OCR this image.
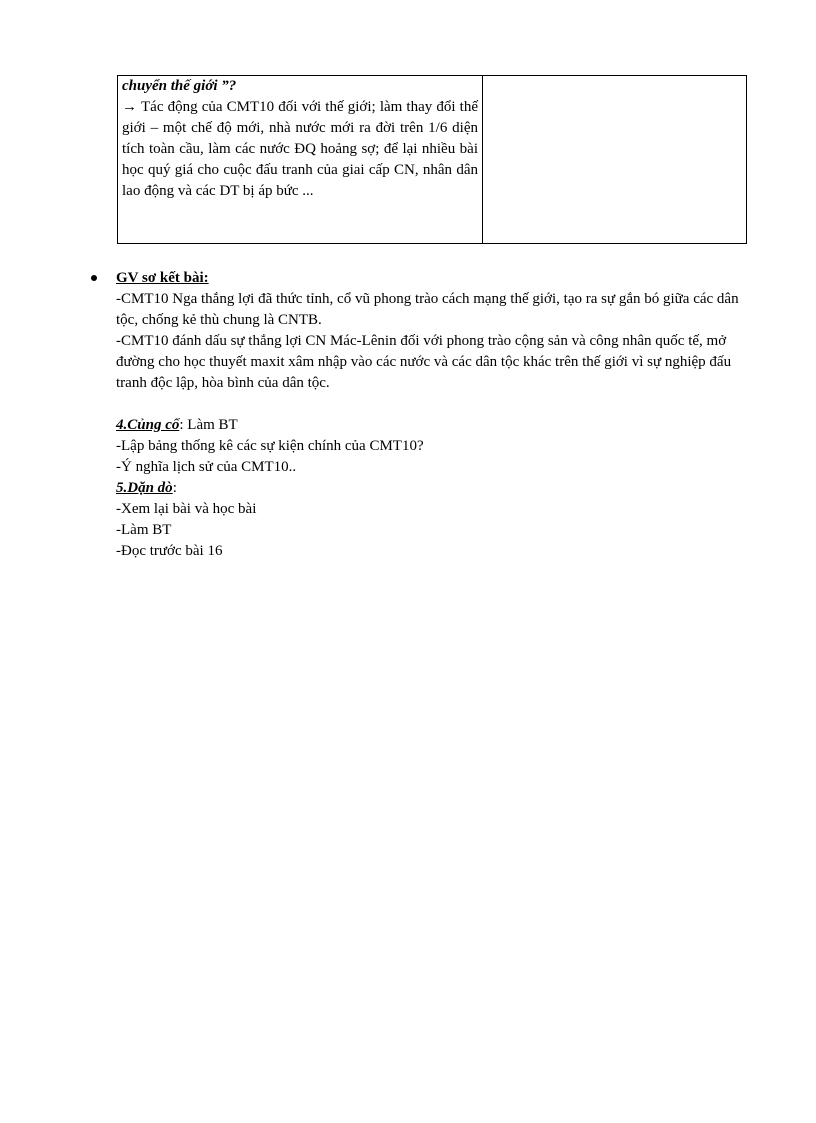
chuyển thế giới ”?

→ Tác động của CMT10 đối với thế giới; làm thay đổi thế giới – một chế độ mới, nhà nước mới ra đời trên 1/6 diện tích toàn cầu, làm các nước ĐQ hoảng sợ; để lại nhiều bài học quý giá cho cuộc đấu tranh của giai cấp CN, nhân dân lao động và các DT bị áp bức ...

GV sơ kết bài:

-CMT10 Nga thắng lợi đã thức tỉnh, cổ vũ phong trào cách mạng thế giới, tạo ra sự gắn bó giữa các dân tộc, chống kẻ thù chung là CNTB.

-CMT10 đánh dấu sự thắng lợi CN Mác-Lênin đối với phong trào cộng sản và công nhân quốc tế, mở đường cho học thuyết maxit xâm nhập vào các nước và các dân tộc khác trên thế giới vì sự nghiệp đấu tranh độc lập, hòa bình của dân tộc.

4.Củng cố: Làm BT

-Lập bảng thống kê các sự kiện chính của CMT10?

-Ý nghĩa lịch sử của CMT10..

5.Dặn dò:

-Xem lại bài và học bài

-Làm BT

-Đọc trước bài 16
